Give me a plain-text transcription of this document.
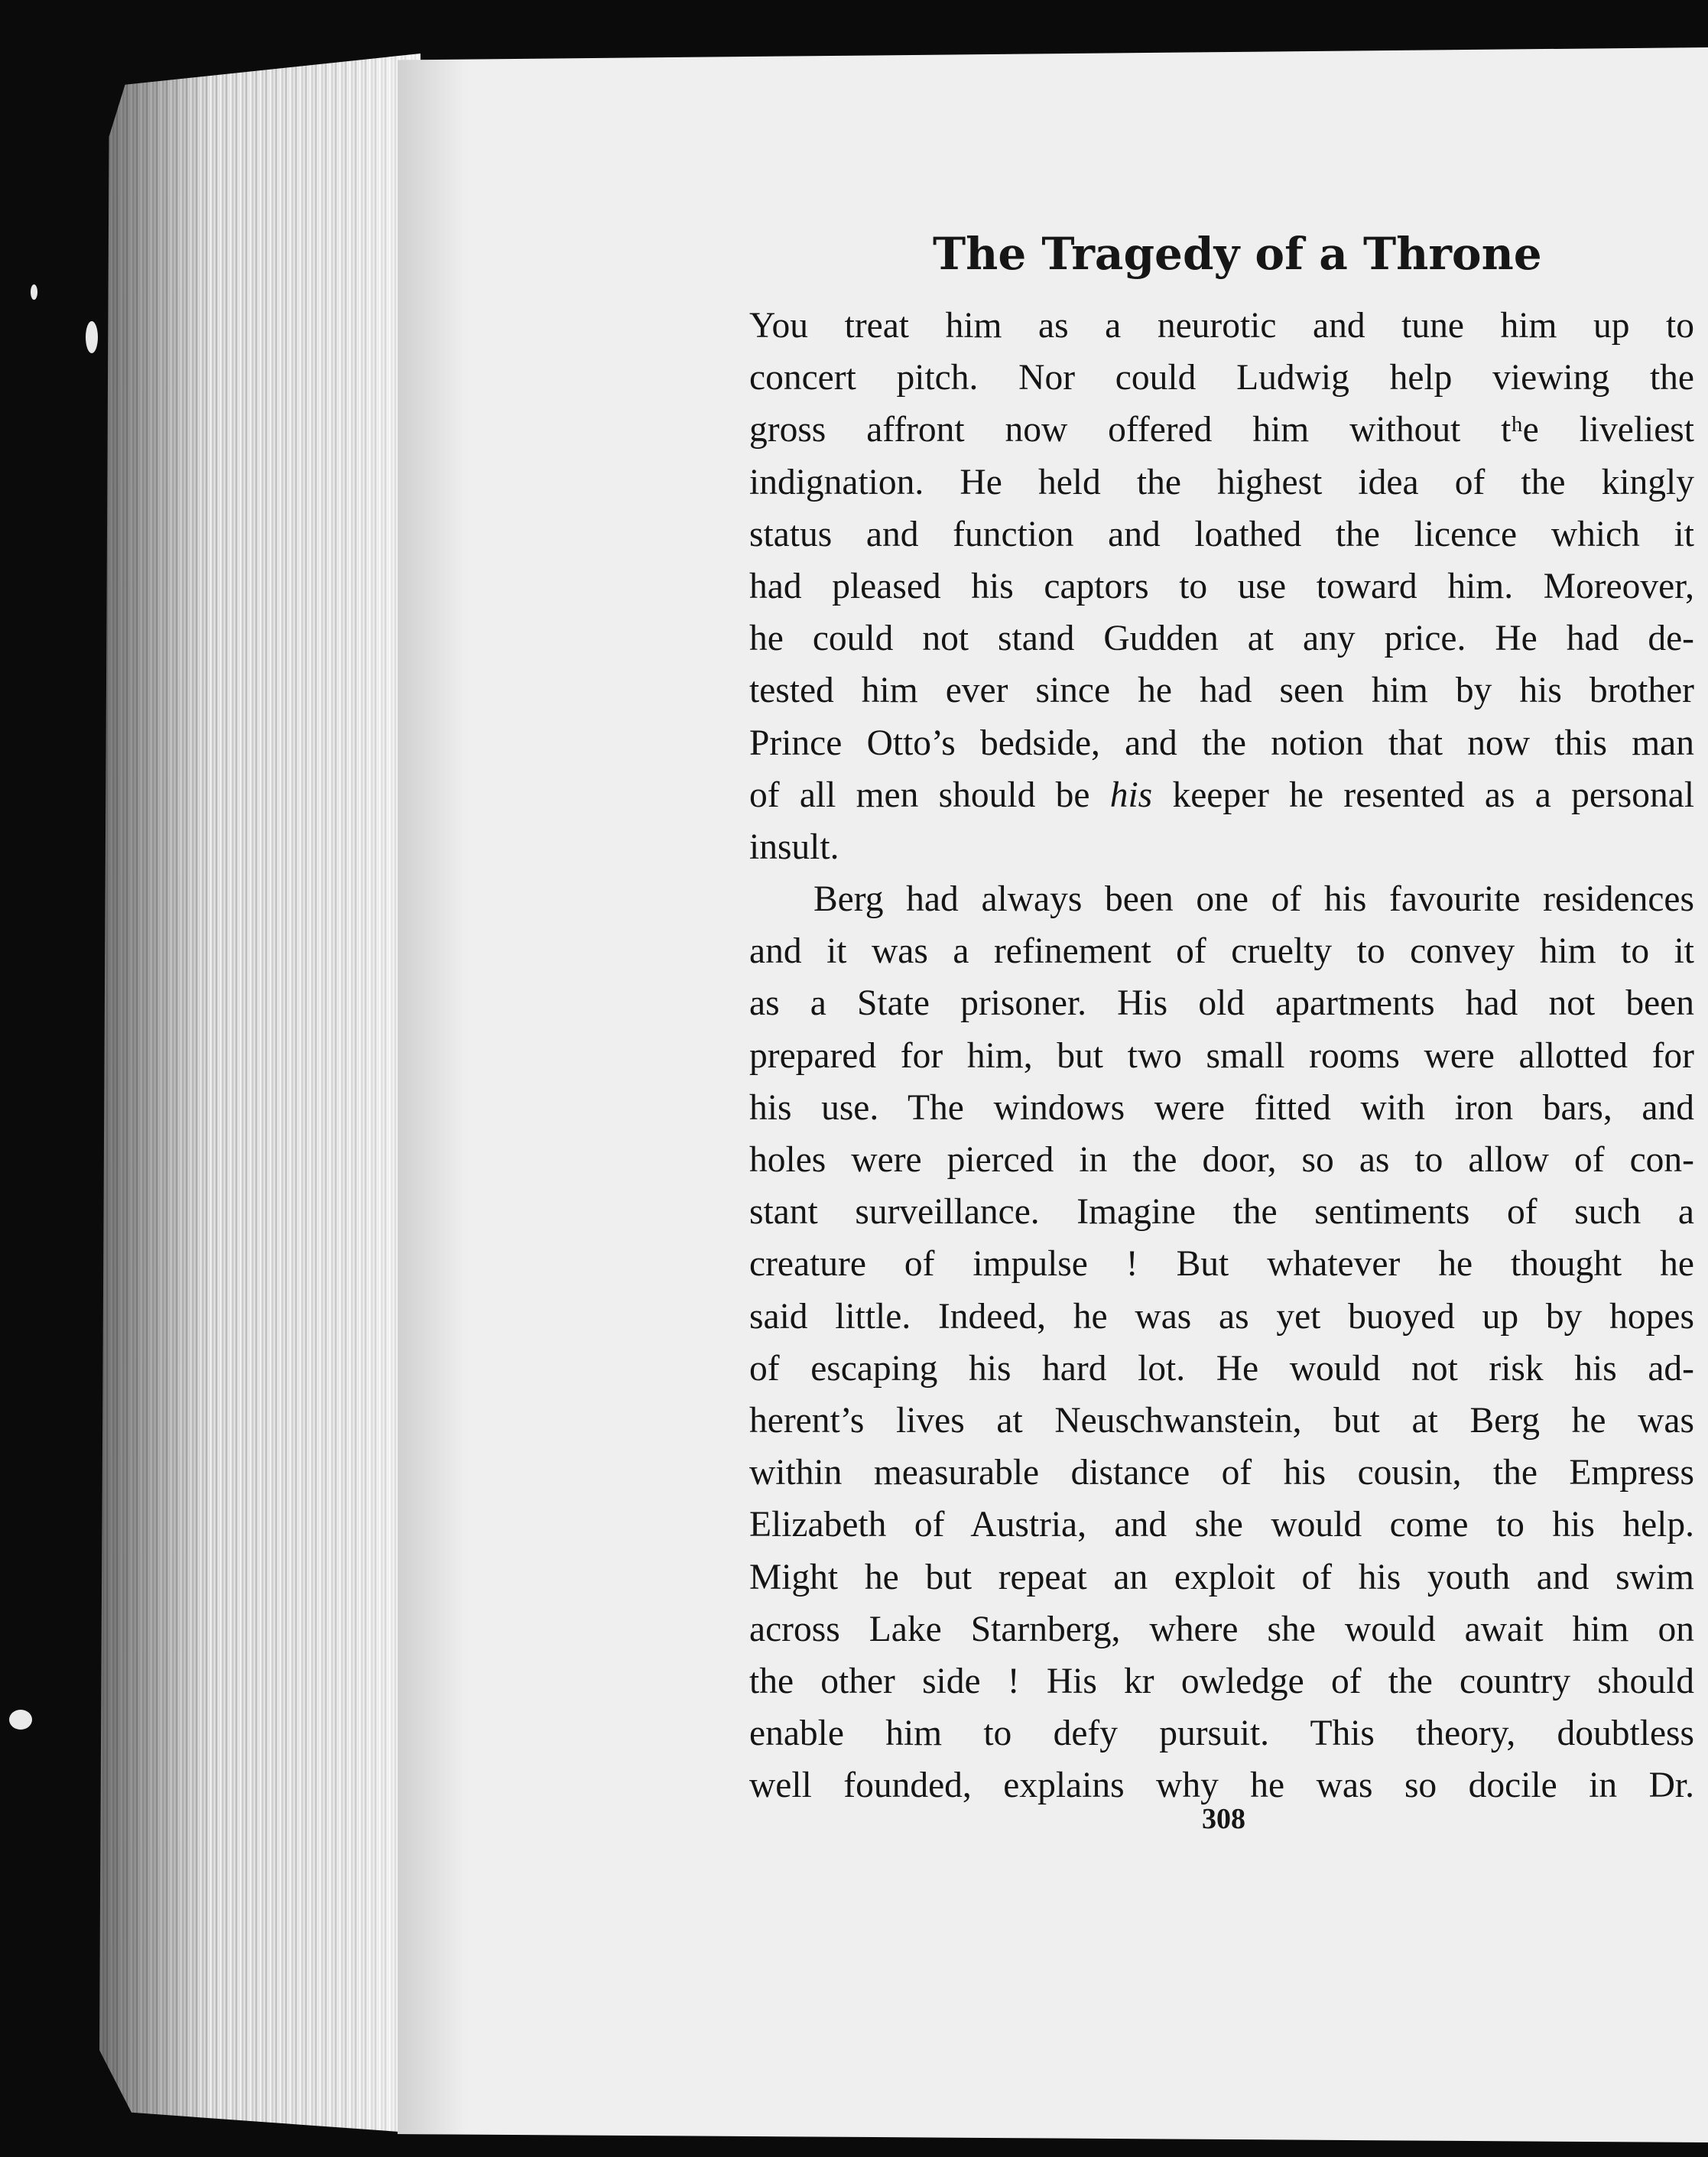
The Tragedy of a Throne
You treat him as a neurotic and tune him up to
concert pitch. Nor could Ludwig help viewing the
gross affront now offered him without tʰe liveliest
indignation. He held the highest idea of the kingly
status and function and loathed the licence which it
had pleased his captors to use toward him. Moreover,
he could not stand Gudden at any price. He had de-
tested him ever since he had seen him by his brother
Prince Otto’s bedside, and the notion that now this man
of all men should be his keeper he resented as a personal
insult.
Berg had always been one of his favourite residences
and it was a refinement of cruelty to convey him to it
as a State prisoner. His old apartments had not been
prepared for him, but two small rooms were allotted for
his use. The windows were fitted with iron bars, and
holes were pierced in the door, so as to allow of con-
stant surveillance. Imagine the sentiments of such a
creature of impulse ! But whatever he thought he
said little. Indeed, he was as yet buoyed up by hopes
of escaping his hard lot. He would not risk his ad-
herent’s lives at Neuschwanstein, but at Berg he was
within measurable distance of his cousin, the Empress
Elizabeth of Austria, and she would come to his help.
Might he but repeat an exploit of his youth and swim
across Lake Starnberg, where she would await him on
the other side ! His kr owledge of the country should
enable him to defy pursuit. This theory, doubtless
well founded, explains why he was so docile in Dr.
308
